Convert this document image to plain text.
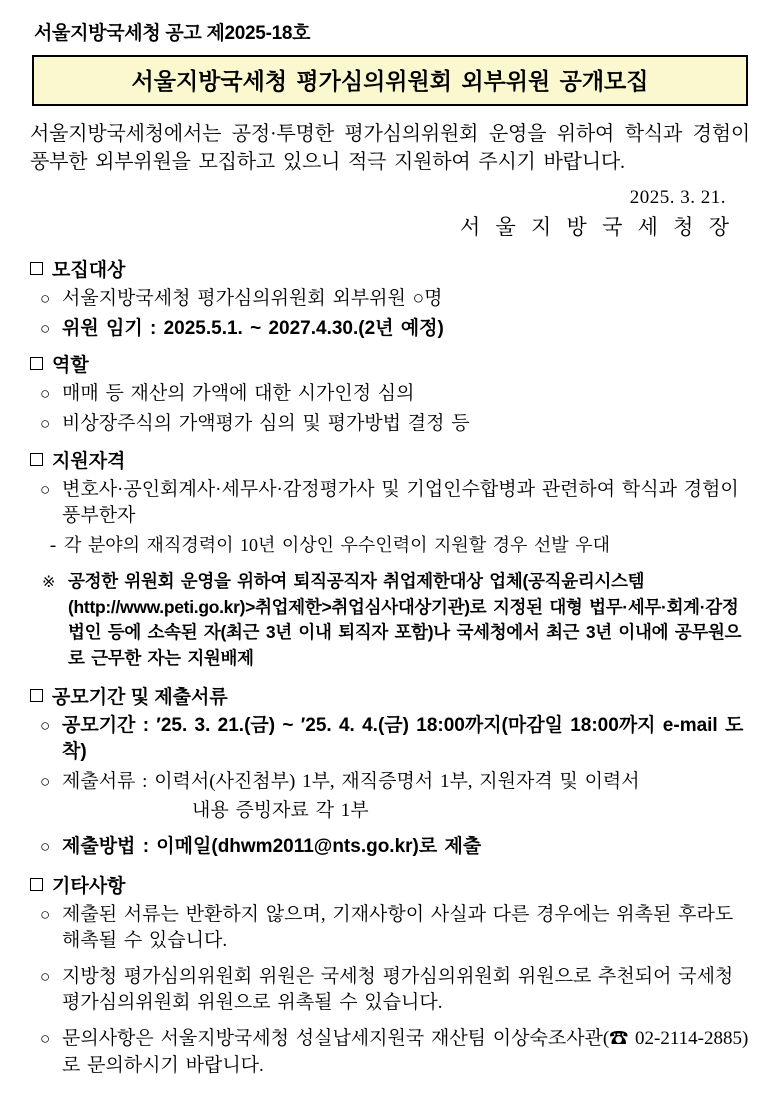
서울지방국세청 공고 제2025-18호
서울지방국세청 평가심의위원회 외부위원 공개모집
서울지방국세청에서는 공정·투명한 평가심의위원회 운영을 위하여 학식과 경험이 풍부한 외부위원을 모집하고 있으니 적극 지원하여 주시기 바랍니다.
2025. 3. 21.
서 울 지 방 국 세 청 장
모집대상
○ 서울지방국세청 평가심의위원회 외부위원 ○명
○ 위원 임기 : 2025.5.1. ~ 2027.4.30.(2년 예정)
역할
○ 매매 등 재산의 가액에 대한 시가인정 심의
○ 비상장주식의 가액평가 심의 및 평가방법 결정 등
지원자격
○ 변호사·공인회계사·세무사·감정평가사 및 기업인수합병과 관련하여 학식과 경험이 풍부한자
- 각 분야의 재직경력이 10년 이상인 우수인력이 지원할 경우 선발 우대
※ 공정한 위원회 운영을 위하여 퇴직공직자 취업제한대상 업체(공직윤리시스템(http://www.peti.go.kr)>취업제한>취업심사대상기관)로 지정된 대형 법무·세무·회계·감정법인 등에 소속된 자(최근 3년 이내 퇴직자 포함)나 국세청에서 최근 3년 이내에 공무원으로 근무한 자는 지원배제
공모기간 및 제출서류
○ 공모기간 : ′25. 3. 21.(금) ~ ′25. 4. 4.(금) 18:00까지(마감일 18:00까지 e-mail 도착)
○ 제출서류 : 이력서(사진첨부) 1부, 재직증명서 1부, 지원자격 및 이력서

내용 증빙자료 각 1부
○ 제출방법 : 이메일(dhwm2011@nts.go.kr)로 제출
기타사항
○ 제출된 서류는 반환하지 않으며, 기재사항이 사실과 다른 경우에는 위촉된 후라도 해촉될 수 있습니다.
○ 지방청 평가심의위원회 위원은 국세청 평가심의위원회 위원으로 추천되어 국세청 평가심의위원회 위원으로 위촉될 수 있습니다.
○ 문의사항은 서울지방국세청 성실납세지원국 재산팀 이상숙조사관(☎ 02-2114-2885)로 문의하시기 바랍니다.
